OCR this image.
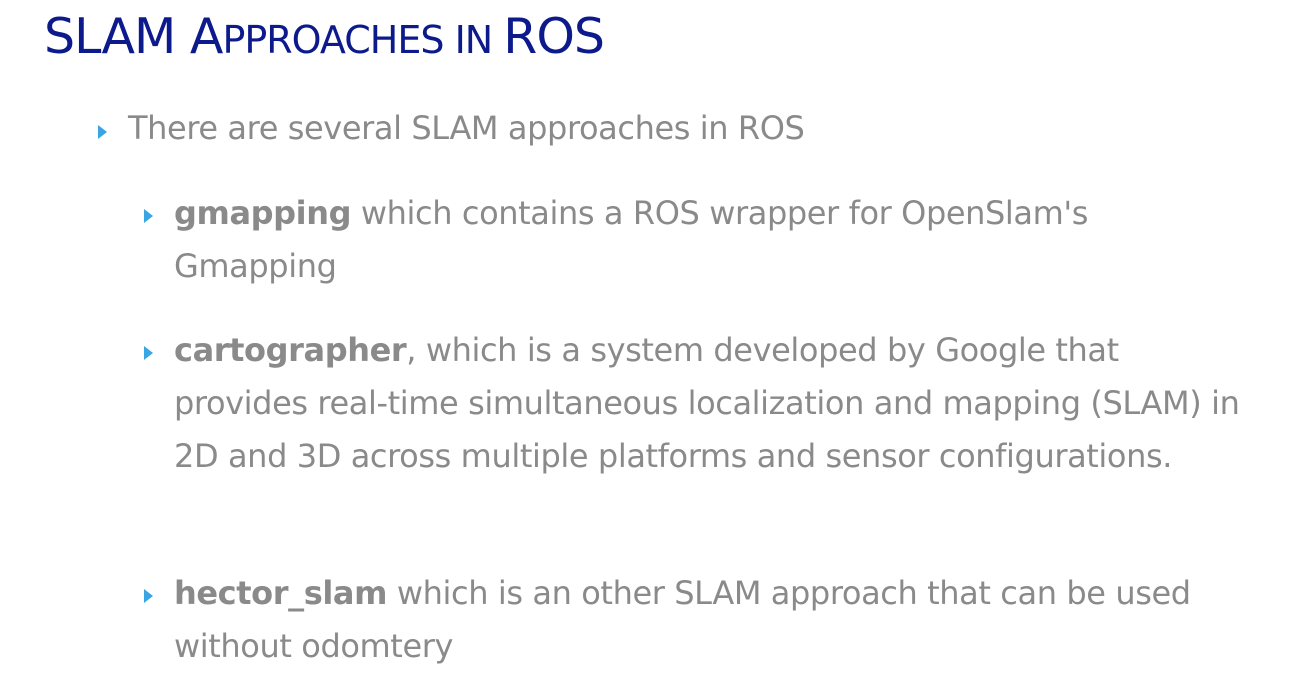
SLAM APPROACHES IN ROS

There are several SLAM approaches in ROS

gmapping which contains a ROS wrapper for OpenSlam's Gmapping

cartographer, which is a system developed by Google that provides real-time simultaneous localization and mapping (SLAM) in 2D and 3D across multiple platforms and sensor configurations.

hector_slam which is an other SLAM approach that can be used without odomtery
